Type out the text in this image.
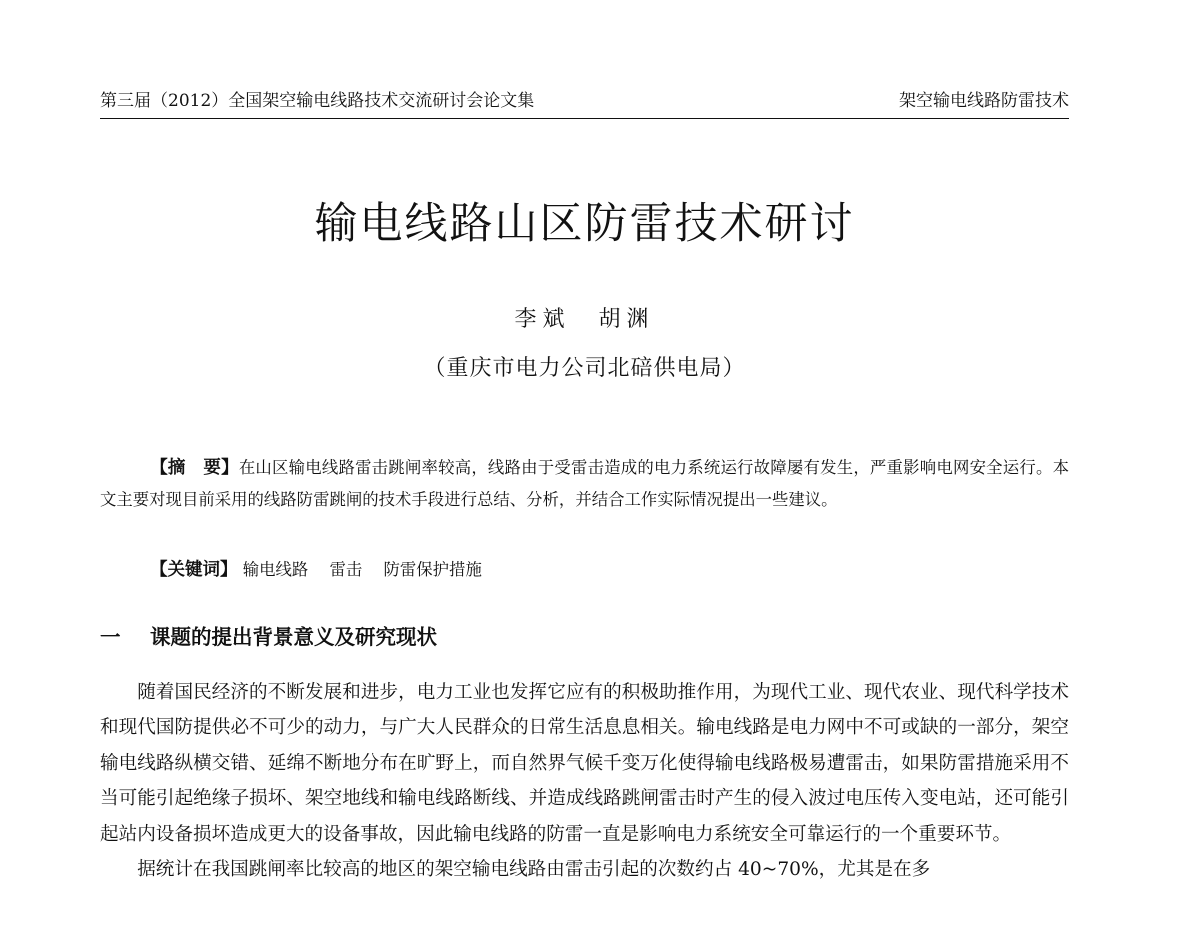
第三届（2012）全国架空输电线路技术交流研讨会论文集	架空输电线路防雷技术
输电线路山区防雷技术研讨
李斌　胡渊
（重庆市电力公司北碚供电局）
【摘　要】在山区输电线路雷击跳闸率较高，线路由于受雷击造成的电力系统运行故障屡有发生，严重影响电网安全运行。本文主要对现目前采用的线路防雷跳闸的技术手段进行总结、分析，并结合工作实际情况提出一些建议。
【关键词】 输电线路 雷击 防雷保护措施
一 课题的提出背景意义及研究现状

随着国民经济的不断发展和进步，电力工业也发挥它应有的积极助推作用，为现代工业、现代农业、现代科学技术和现代国防提供必不可少的动力，与广大人民群众的日常生活息息相关。输电线路是电力网中不可或缺的一部分，架空输电线路纵横交错、延绵不断地分布在旷野上，而自然界气候千变万化使得输电线路极易遭雷击，如果防雷措施采用不当可能引起绝缘子损坏、架空地线和输电线路断线、并造成线路跳闸雷击时产生的侵入波过电压传入变电站，还可能引起站内设备损坏造成更大的设备事故，因此输电线路的防雷一直是影响电力系统安全可靠运行的一个重要环节。

据统计在我国跳闸率比较高的地区的架空输电线路由雷击引起的次数约占 40~70%，尤其是在多
